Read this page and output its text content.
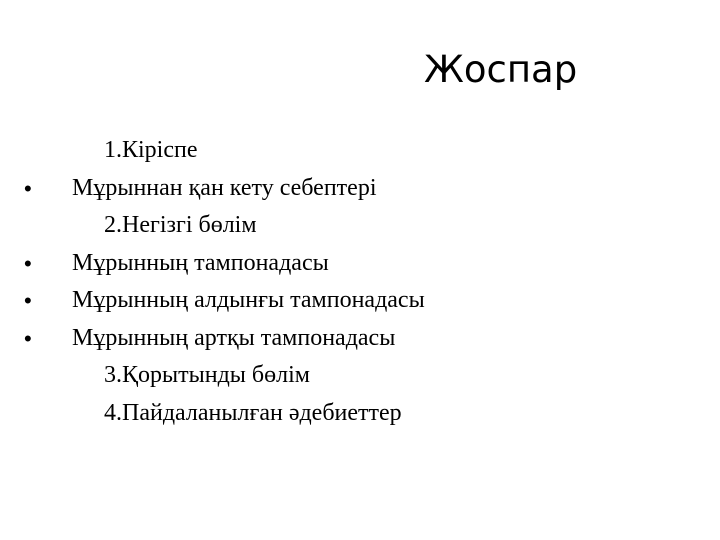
Жоспар
1.Кіріспе
• Мұрыннан қан кету себептері
2.Негізгі бөлім
• Мұрынның тампонадасы
• Мұрынның алдынғы тампонадасы
• Мұрынның артқы тампонадасы
3.Қорытынды бөлім
4.Пайдаланылған әдебиеттер
